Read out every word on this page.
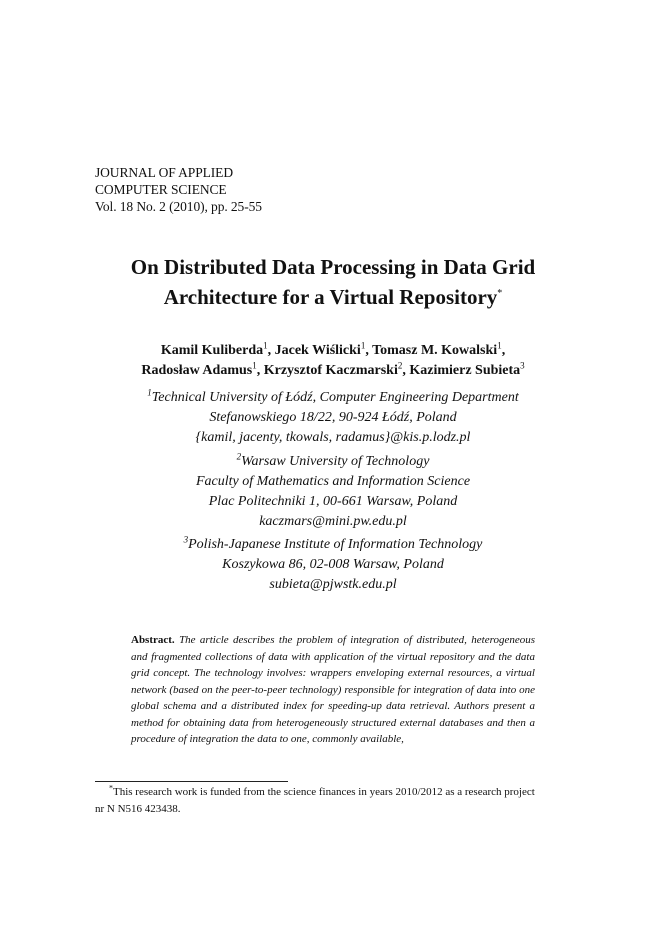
JOURNAL OF APPLIED
COMPUTER SCIENCE
Vol. 18 No. 2 (2010), pp. 25-55
On Distributed Data Processing in Data Grid
Architecture for a Virtual Repository*
Kamil Kuliberda$^1$, Jacek Wiślicki$^1$, Tomasz M. Kowalski$^1$,
Radosław Adamus$^1$, Krzysztof Kaczmarski$^2$, Kazimierz Subieta$^3$
$^1$Technical University of Łódź, Computer Engineering Department
Stefanowskiego 18/22, 90-924 Łódź, Poland
{kamil, jacenty, tkowals, radamus}@kis.p.lodz.pl
$^2$Warsaw University of Technology
Faculty of Mathematics and Information Science
Plac Politechniki 1, 00-661 Warsaw, Poland
kaczmars@mini.pw.edu.pl
$^3$Polish-Japanese Institute of Information Technology
Koszykowa 86, 02-008 Warsaw, Poland
subieta@pjwstk.edu.pl
Abstract. The article describes the problem of integration of distributed, heterogeneous and fragmented collections of data with application of the virtual repository and the data grid concept. The technology involves: wrappers enveloping external resources, a virtual network (based on the peer-to-peer technology) responsible for integration of data into one global schema and a distributed index for speeding-up data retrieval. Authors present a method for obtaining data from heterogeneously structured external databases and then a procedure of integration the data to one, commonly available,
*This research work is funded from the science finances in years 2010/2012 as a research project
nr N N516 423438.
